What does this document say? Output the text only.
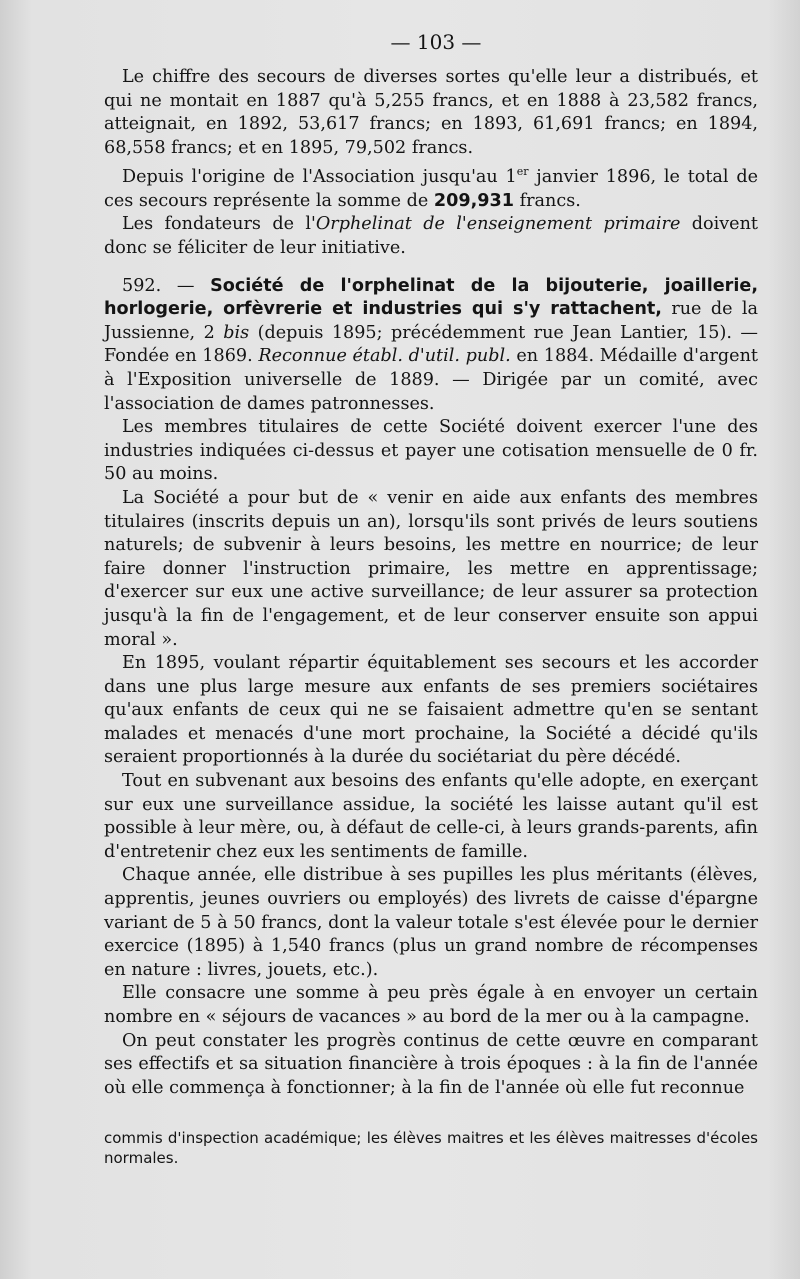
— 103 —

Le chiffre des secours de diverses sortes qu'elle leur a distribués, et qui ne montait en 1887 qu'à 5,255 francs, et en 1888 à 23,582 francs, atteignait, en 1892, 53,617 francs; en 1893, 61,691 francs; en 1894, 68,558 francs; et en 1895, 79,502 francs.

Depuis l'origine de l'Association jusqu'au 1er janvier 1896, le total de ces secours représente la somme de 209,931 francs.

Les fondateurs de l'Orphelinat de l'enseignement primaire doivent donc se féliciter de leur initiative.

592. — Société de l'orphelinat de la bijouterie, joaillerie, horlogerie, orfèvrerie et industries qui s'y rattachent, rue de la Jussienne, 2 bis (depuis 1895; précédemment rue Jean Lantier, 15). — Fondée en 1869. Reconnue établ. d'util. publ. en 1884. Médaille d'argent à l'Exposition universelle de 1889. — Dirigée par un comité, avec l'association de dames patronnesses.

Les membres titulaires de cette Société doivent exercer l'une des industries indiquées ci-dessus et payer une cotisation mensuelle de 0 fr. 50 au moins.

La Société a pour but de « venir en aide aux enfants des membres titulaires (inscrits depuis un an), lorsqu'ils sont privés de leurs soutiens naturels; de subvenir à leurs besoins, les mettre en nourrice; de leur faire donner l'instruction primaire, les mettre en apprentissage; d'exercer sur eux une active surveillance; de leur assurer sa protection jusqu'à la fin de l'engagement, et de leur conserver ensuite son appui moral ».

En 1895, voulant répartir équitablement ses secours et les accorder dans une plus large mesure aux enfants de ses premiers sociétaires qu'aux enfants de ceux qui ne se faisaient admettre qu'en se sentant malades et menacés d'une mort prochaine, la Société a décidé qu'ils seraient proportionnés à la durée du sociétariat du père décédé.

Tout en subvenant aux besoins des enfants qu'elle adopte, en exerçant sur eux une surveillance assidue, la société les laisse autant qu'il est possible à leur mère, ou, à défaut de celle-ci, à leurs grands-parents, afin d'entretenir chez eux les sentiments de famille.

Chaque année, elle distribue à ses pupilles les plus méritants (élèves, apprentis, jeunes ouvriers ou employés) des livrets de caisse d'épargne variant de 5 à 50 francs, dont la valeur totale s'est élevée pour le dernier exercice (1895) à 1,540 francs (plus un grand nombre de récompenses en nature : livres, jouets, etc.).

Elle consacre une somme à peu près égale à en envoyer un certain nombre en « séjours de vacances » au bord de la mer ou à la campagne.

On peut constater les progrès continus de cette œuvre en comparant ses effectifs et sa situation financière à trois époques : à la fin de l'année où elle commença à fonctionner; à la fin de l'année où elle fut reconnue

commis d'inspection académique; les élèves maitres et les élèves maitresses d'écoles normales.
